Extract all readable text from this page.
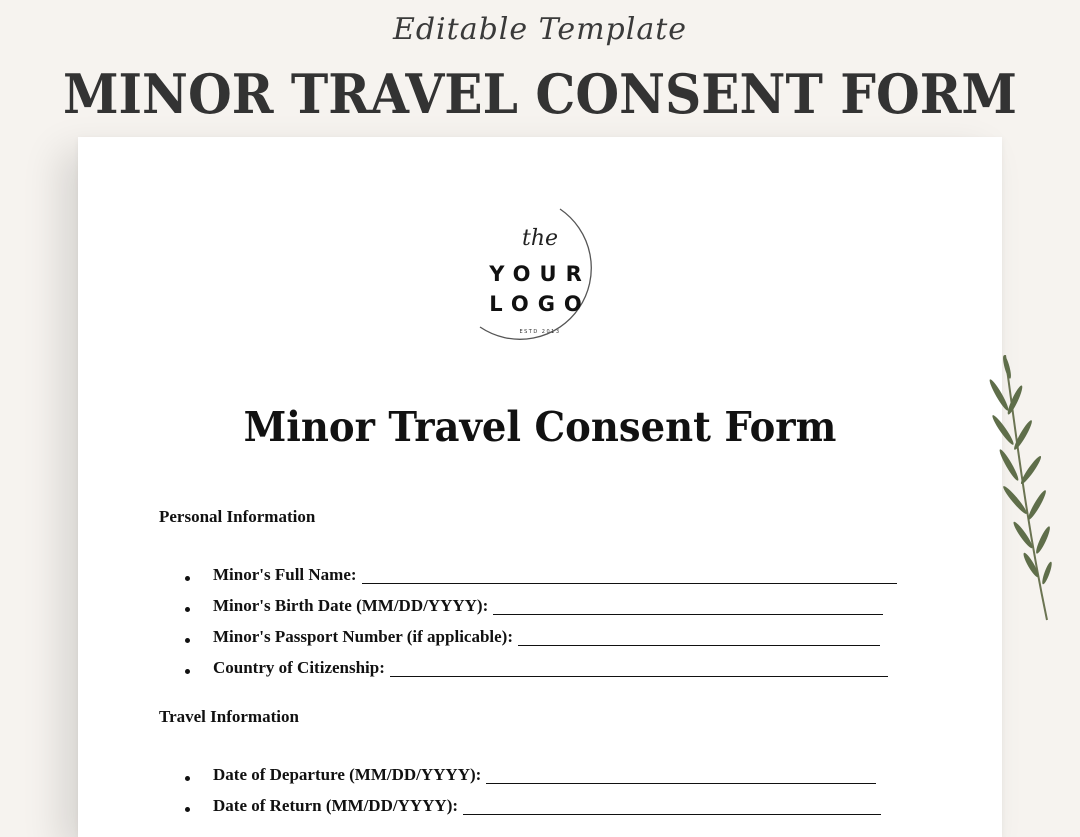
Editable Template
MINOR TRAVEL CONSENT FORM
the
YOUR
LOGO
ESTD 2013
Minor Travel Consent Form
Personal Information
Minor's Full Name:
Minor's Birth Date (MM/DD/YYYY):
Minor's Passport Number (if applicable):
Country of Citizenship:
Travel Information
Date of Departure (MM/DD/YYYY):
Date of Return (MM/DD/YYYY):
